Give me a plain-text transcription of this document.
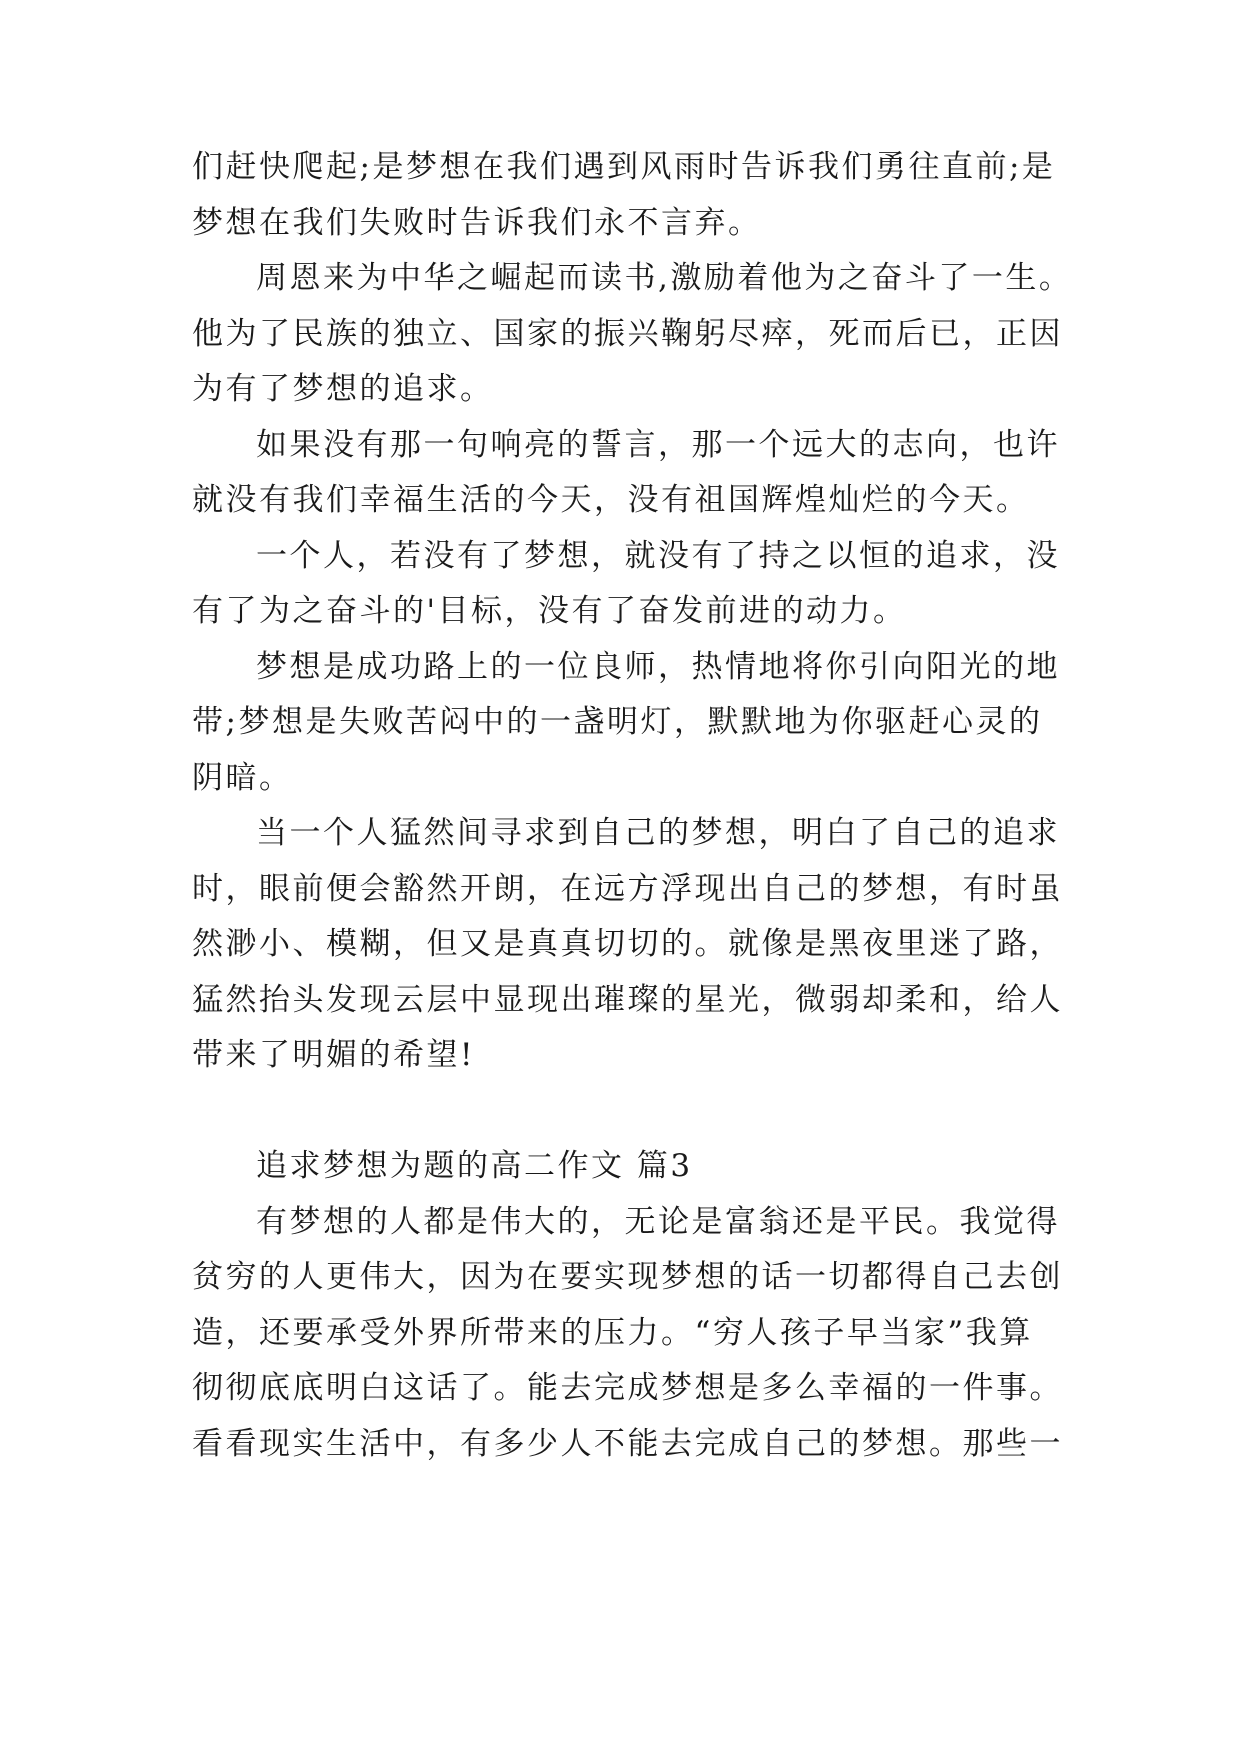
们赶快爬起;是梦想在我们遇到风雨时告诉我们勇往直前;是
梦想在我们失败时告诉我们永不言弃。
周恩来为中华之崛起而读书,激励着他为之奋斗了一生。
他为了民族的独立、国家的振兴鞠躬尽瘁，死而后已，正因
为有了梦想的追求。
如果没有那一句响亮的誓言，那一个远大的志向，也许
就没有我们幸福生活的今天，没有祖国辉煌灿烂的今天。
一个人，若没有了梦想，就没有了持之以恒的追求，没
有了为之奋斗的'目标，没有了奋发前进的动力。
梦想是成功路上的一位良师，热情地将你引向阳光的地
带;梦想是失败苦闷中的一盏明灯，默默地为你驱赶心灵的
阴暗。
当一个人猛然间寻求到自己的梦想，明白了自己的追求
时，眼前便会豁然开朗，在远方浮现出自己的梦想，有时虽
然渺小、模糊，但又是真真切切的。就像是黑夜里迷了路，
猛然抬头发现云层中显现出璀璨的星光，微弱却柔和，给人
带来了明媚的希望!
追求梦想为题的高二作文 篇3
有梦想的人都是伟大的，无论是富翁还是平民。我觉得
贫穷的人更伟大，因为在要实现梦想的话一切都得自己去创
造，还要承受外界所带来的压力。“穷人孩子早当家”我算
彻彻底底明白这话了。能去完成梦想是多么幸福的一件事。
看看现实生活中，有多少人不能去完成自己的梦想。那些一
